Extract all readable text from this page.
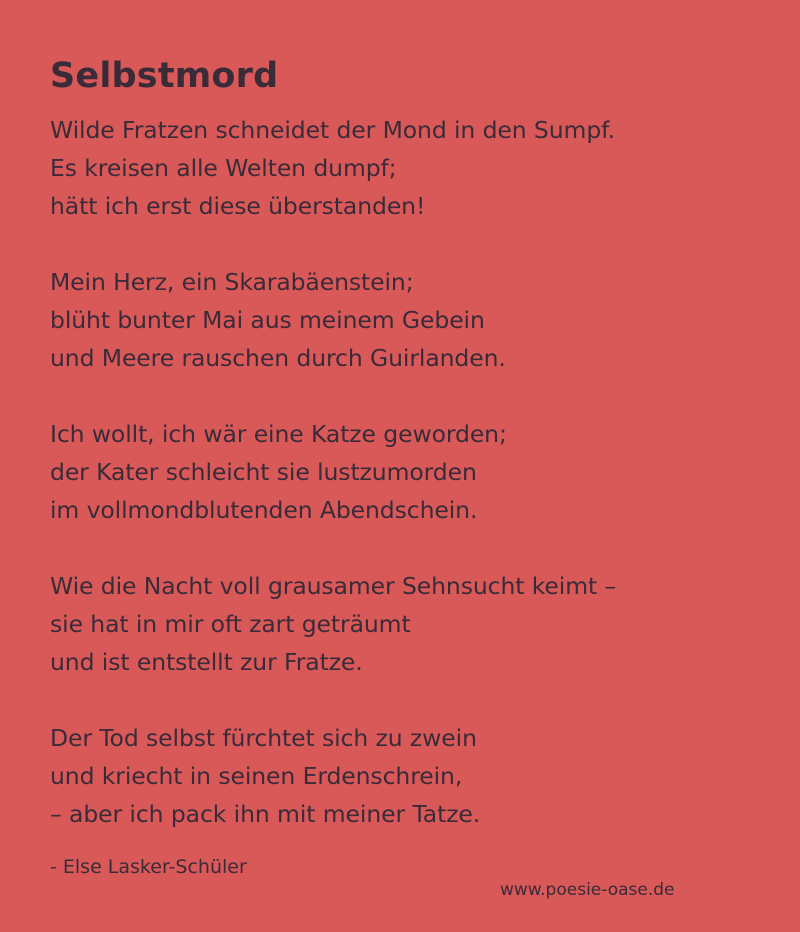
Selbstmord
Wilde Fratzen schneidet der Mond in den Sumpf.
Es kreisen alle Welten dumpf;
hätt ich erst diese überstanden!
Mein Herz, ein Skarabäenstein;
blüht bunter Mai aus meinem Gebein
und Meere rauschen durch Guirlanden.
Ich wollt, ich wär eine Katze geworden;
der Kater schleicht sie lustzumorden
im vollmondblutenden Abendschein.
Wie die Nacht voll grausamer Sehnsucht keimt –
sie hat in mir oft zart geträumt
und ist entstellt zur Fratze.
Der Tod selbst fürchtet sich zu zwein
und kriecht in seinen Erdenschrein,
– aber ich pack ihn mit meiner Tatze.
- Else Lasker-Schüler
www.poesie-oase.de
